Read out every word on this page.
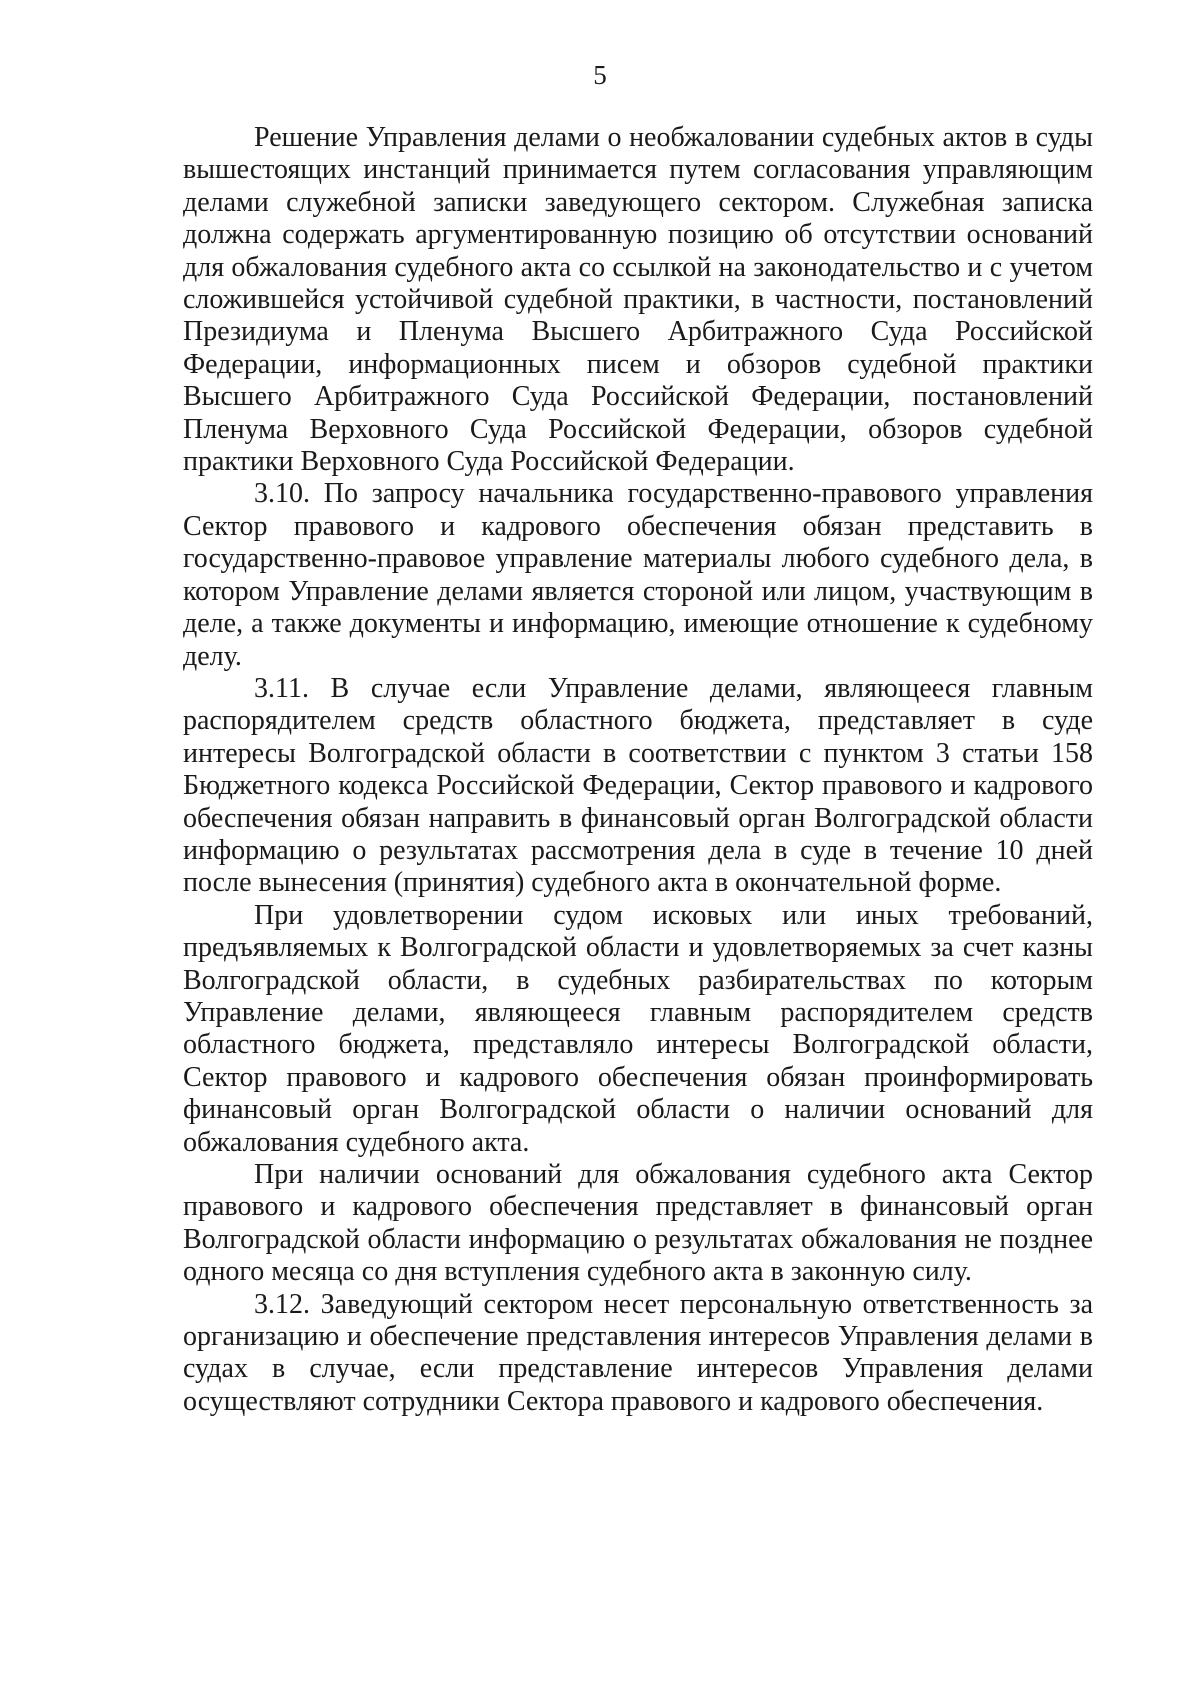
5

Решение Управления делами о необжаловании судебных актов в суды вышестоящих инстанций принимается путем согласования управляющим делами служебной записки заведующего сектором. Служебная записка должна содержать аргументированную позицию об отсутствии оснований для обжалования судебного акта со ссылкой на законодательство и с учетом сложившейся устойчивой судебной практики, в частности, постановлений Президиума и Пленума Высшего Арбитражного Суда Российской Федерации, информационных писем и обзоров судебной практики Высшего Арбитражного Суда Российской Федерации, постановлений Пленума Верховного Суда Российской Федерации, обзоров судебной практики Верховного Суда Российской Федерации.

3.10. По запросу начальника государственно-правового управления Сектор правового и кадрового обеспечения обязан представить в государственно-правовое управление материалы любого судебного дела, в котором Управление делами является стороной или лицом, участвующим в деле, а также документы и информацию, имеющие отношение к судебному делу.

3.11. В случае если Управление делами, являющееся главным распорядителем средств областного бюджета, представляет в суде интересы Волгоградской области в соответствии с пунктом 3 статьи 158 Бюджетного кодекса Российской Федерации, Сектор правового и кадрового обеспечения обязан направить в финансовый орган Волгоградской области информацию о результатах рассмотрения дела в суде в течение 10 дней после вынесения (принятия) судебного акта в окончательной форме.

При удовлетворении судом исковых или иных требований, предъявляемых к Волгоградской области и удовлетворяемых за счет казны Волгоградской области, в судебных разбирательствах по которым Управление делами, являющееся главным распорядителем средств областного бюджета, представляло интересы Волгоградской области, Сектор правового и кадрового обеспечения обязан проинформировать финансовый орган Волгоградской области о наличии оснований для обжалования судебного акта.

При наличии оснований для обжалования судебного акта Сектор правового и кадрового обеспечения представляет в финансовый орган Волгоградской области информацию о результатах обжалования не позднее одного месяца со дня вступления судебного акта в законную силу.

3.12. Заведующий сектором несет персональную ответственность за организацию и обеспечение представления интересов Управления делами в судах в случае, если представление интересов Управления делами осуществляют сотрудники Сектора правового и кадрового обеспечения.
